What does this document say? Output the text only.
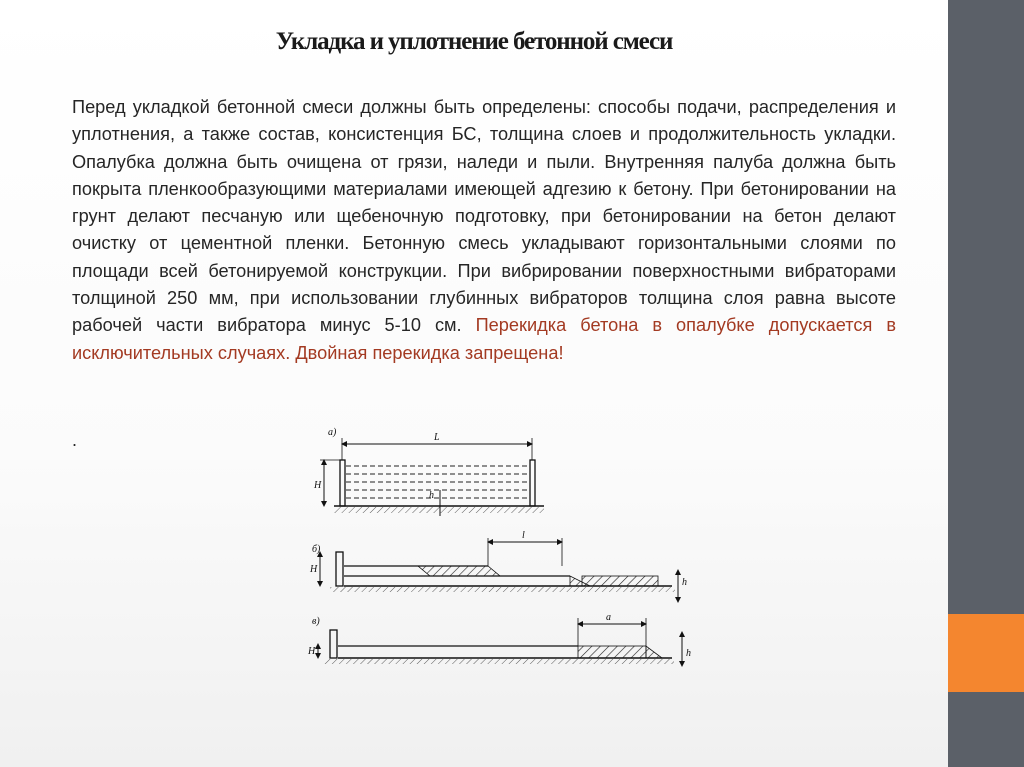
Укладка и уплотнение бетонной смеси
Перед укладкой бетонной смеси должны быть определены: способы подачи, распределения и уплотнения, а также состав, консистенция БС, толщина слоев и продолжительность укладки. Опалубка должна быть очищена от грязи, наледи и пыли. Внутренняя палуба должна быть покрыта пленкообразующими материалами имеющей адгезию к бетону. При бетонировании на грунт делают песчаную или щебеночную подготовку, при бетонировании на бетон делают очистку от цементной пленки. Бетонную смесь укладывают горизонтальными слоями по площади всей бетонируемой конструкции. При вибрировании поверхностными вибраторами толщиной 250 мм, при использовании глубинных вибраторов толщина слоя равна высоте рабочей части вибратора минус 5-10 см. Перекидка бетона в опалубке допускается в исключительных случаях. Двойная перекидка запрещена!
.	а)	L
H
h
б)
l
H
h
в)	a
H	h
